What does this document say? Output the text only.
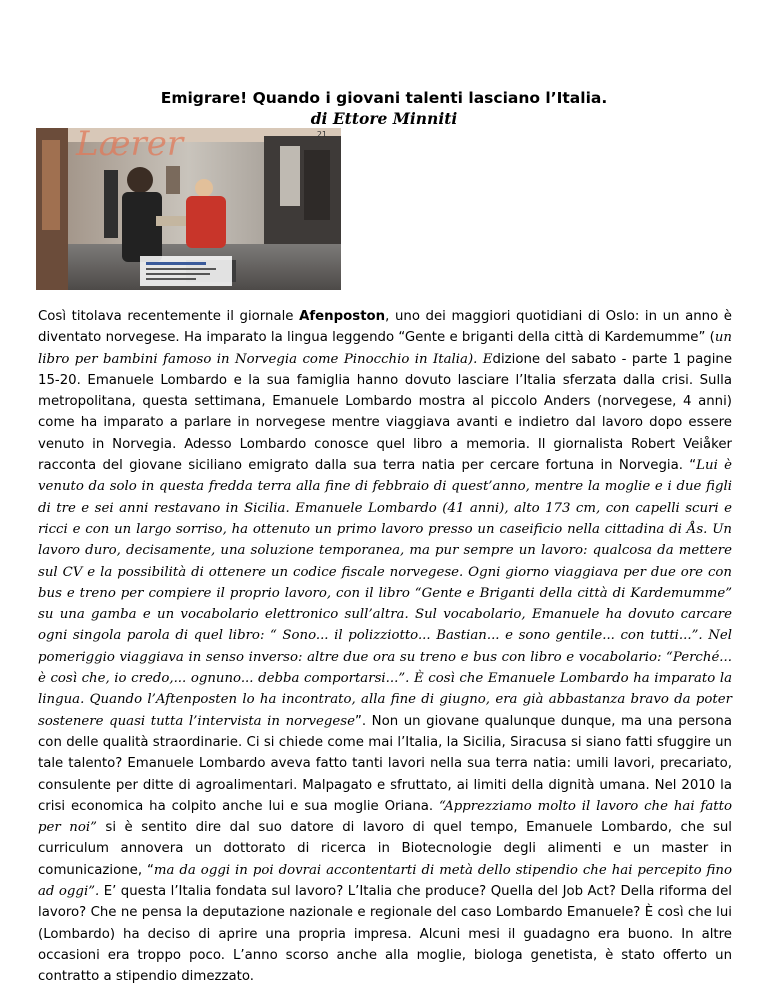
Emigrare! Quando i giovani talenti lasciano l’Italia.
di Ettore Minniti
Lærer	21

Così titolava recentemente il giornale Afenposton, uno dei maggiori quotidiani di Oslo: in un anno è diventato norvegese. Ha imparato la lingua leggendo “Gente e briganti della città di Kardemumme” (un libro per bambini famoso in Norvegia come Pinocchio in Italia). Edizione del sabato - parte 1 pagine 15-20. Emanuele Lombardo e la sua famiglia hanno dovuto lasciare l’Italia sferzata dalla crisi. Sulla metropolitana, questa settimana, Emanuele Lombardo mostra al piccolo Anders (norvegese, 4 anni) come ha imparato a parlare in norvegese mentre viaggiava avanti e indietro dal lavoro dopo essere venuto in Norvegia. Adesso Lombardo conosce quel libro a memoria. Il giornalista Robert Veiåker racconta del giovane siciliano emigrato dalla sua terra natia per cercare fortuna in Norvegia. “Lui è venuto da solo in questa fredda terra alla fine di febbraio di quest’anno, mentre la moglie e i due figli di tre e sei anni restavano in Sicilia. Emanuele Lombardo (41 anni), alto 173 cm, con capelli scuri e ricci e con un largo sorriso, ha ottenuto un primo lavoro presso un caseificio nella cittadina di Ås. Un lavoro duro, decisamente, una soluzione temporanea, ma pur sempre un lavoro: qualcosa da mettere sul CV e la possibilità di ottenere un codice fiscale norvegese. Ogni giorno viaggiava per due ore con bus e treno per compiere il proprio lavoro, con il libro “Gente e Briganti della città di Kardemumme” su una gamba e un vocabolario elettronico sull’altra. Sul vocabolario, Emanuele ha dovuto carcare ogni singola parola di quel libro: “ Sono... il polizziotto... Bastian... e sono gentile... con tutti...”. Nel pomeriggio viaggiava in senso inverso: altre due ora su treno e bus con libro e vocabolario: “Perché... è così che, io credo,... ognuno... debba comportarsi...”. È così che Emanuele Lombardo ha imparato la lingua. Quando l’Aftenposten lo ha incontrato, alla fine di giugno, era già abbastanza bravo da poter sostenere quasi tutta l’intervista in norvegese”. Non un giovane qualunque dunque, ma una persona con delle qualità straordinarie. Ci si chiede come mai l’Italia, la Sicilia, Siracusa si siano fatti sfuggire un tale talento? Emanuele Lombardo aveva fatto tanti lavori nella sua terra natia: umili lavori, precariato, consulente per ditte di agroalimentari. Malpagato e sfruttato, ai limiti della dignità umana. Nel 2010 la crisi economica ha colpito anche lui e sua moglie Oriana. “Apprezziamo molto il lavoro che hai fatto per noi” si è sentito dire dal suo datore di lavoro di quel tempo, Emanuele Lombardo, che sul curriculum annovera un dottorato di ricerca in Biotecnologie degli alimenti e un master in comunicazione, “ma da oggi in poi dovrai accontentarti di metà dello stipendio che hai percepito fino ad oggi”. E’ questa l’Italia fondata sul lavoro? L’Italia che produce? Quella del Job Act? Della riforma del lavoro? Che ne pensa la deputazione nazionale e regionale del caso Lombardo Emanuele? È così che lui (Lombardo) ha deciso di aprire una propria impresa. Alcuni mesi il guadagno era buono. In altre occasioni era troppo poco. L’anno scorso anche alla moglie, biologa genetista, è stato offerto un contratto a stipendio dimezzato.
